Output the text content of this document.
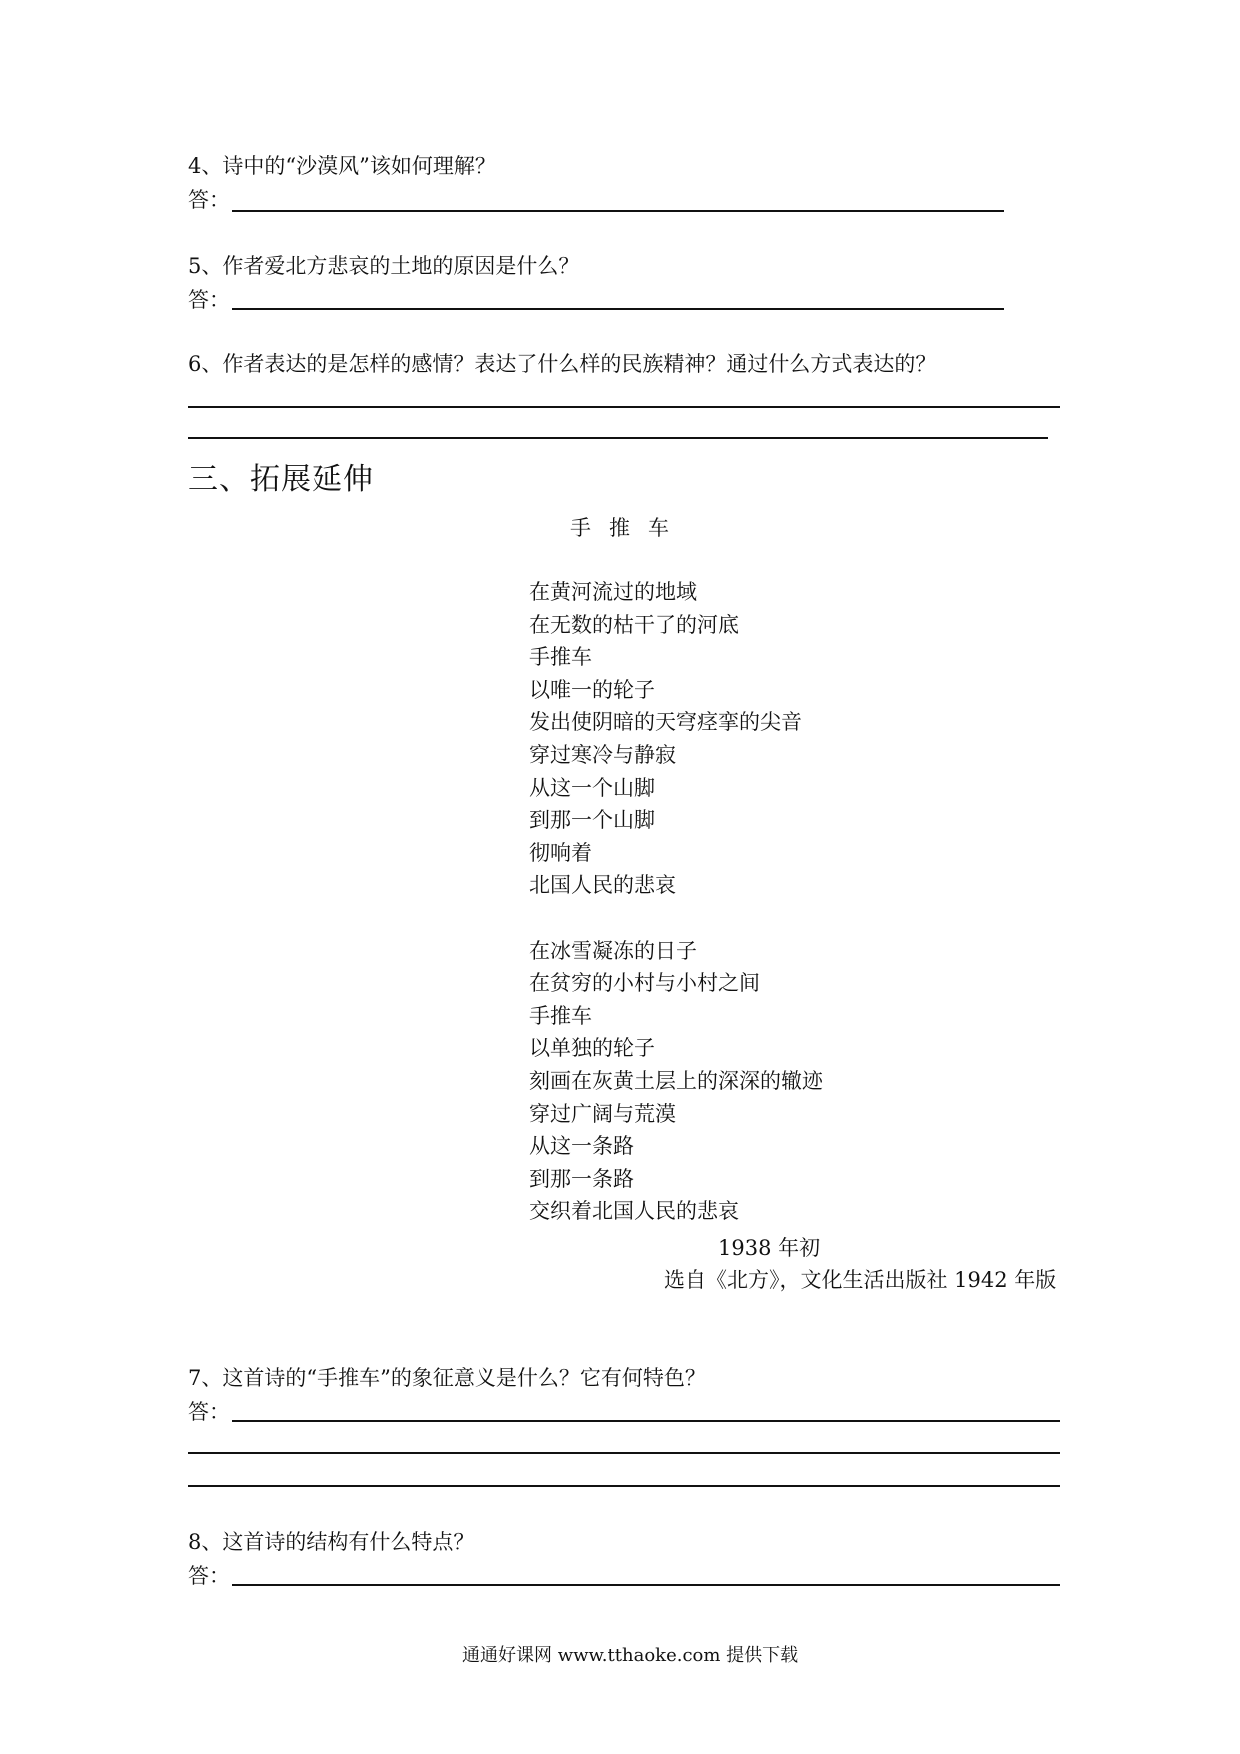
4、诗中的“沙漠风”该如何理解？
答：
5、作者爱北方悲哀的土地的原因是什么？
答：
6、作者表达的是怎样的感情？表达了什么样的民族精神？通过什么方式表达的？
三、拓展延伸
手推车
在黄河流过的地域
在无数的枯干了的河底
手推车
以唯一的轮子
发出使阴暗的天穹痉挛的尖音
穿过寒冷与静寂
从这一个山脚
到那一个山脚
彻响着
北国人民的悲哀
在冰雪凝冻的日子
在贫穷的小村与小村之间
手推车
以单独的轮子
刻画在灰黄土层上的深深的辙迹
穿过广阔与荒漠
从这一条路
到那一条路
交织着北国人民的悲哀
1938 年初
选自《北方》，文化生活出版社 1942 年版
7、这首诗的“手推车”的象征意义是什么？它有何特色？
答：
8、这首诗的结构有什么特点？
答：
通通好课网 www.tthaoke.com 提供下载
